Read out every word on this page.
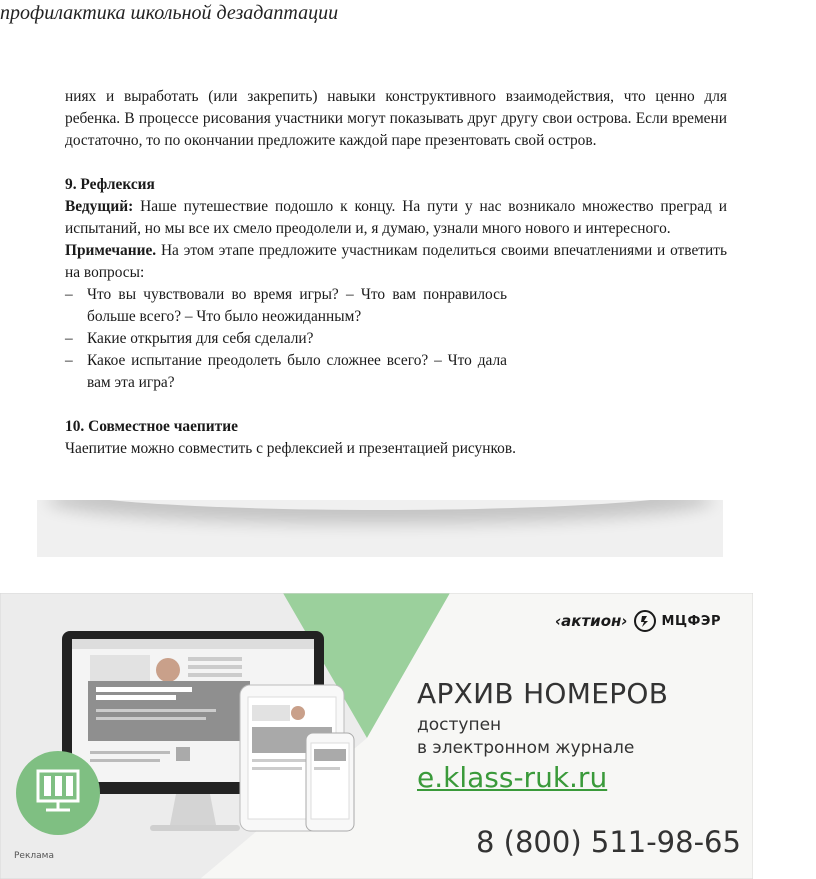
профилактика школьной дезадаптации

ниях и выработать (или закрепить) навыки конструктивного взаимодействия, что ценно для ребенка. В процессе рисования участники могут показывать друг другу свои острова. Если времени достаточно, то по окончании предложите каждой паре презентовать свой остров.

9. Рефлексия

Ведущий: Наше путешествие подошло к концу. На пути у нас возникало множество преград и испытаний, но мы все их смело преодолели и, я думаю, узнали много нового и интересного.

Примечание. На этом этапе предложите участникам поделиться своими впечатлениями и ответить на вопросы:

– Что вы чувствовали во время игры? – Что вам понравилось больше всего? – Что было неожиданным?
– Какие открытия для себя сделали?
– Какое испытание преодолеть было сложнее всего? – Что дала вам эта игра?

10. Совместное чаепитие

Чаепитие можно совместить с рефлексией и презентацией рисунков.

‹актион›	МЦФЭР
АРХИВ НОМЕРОВ
доступен
в электронном журнале
e.klass-ruk.ru
8 (800) 511-98-65
Реклама
